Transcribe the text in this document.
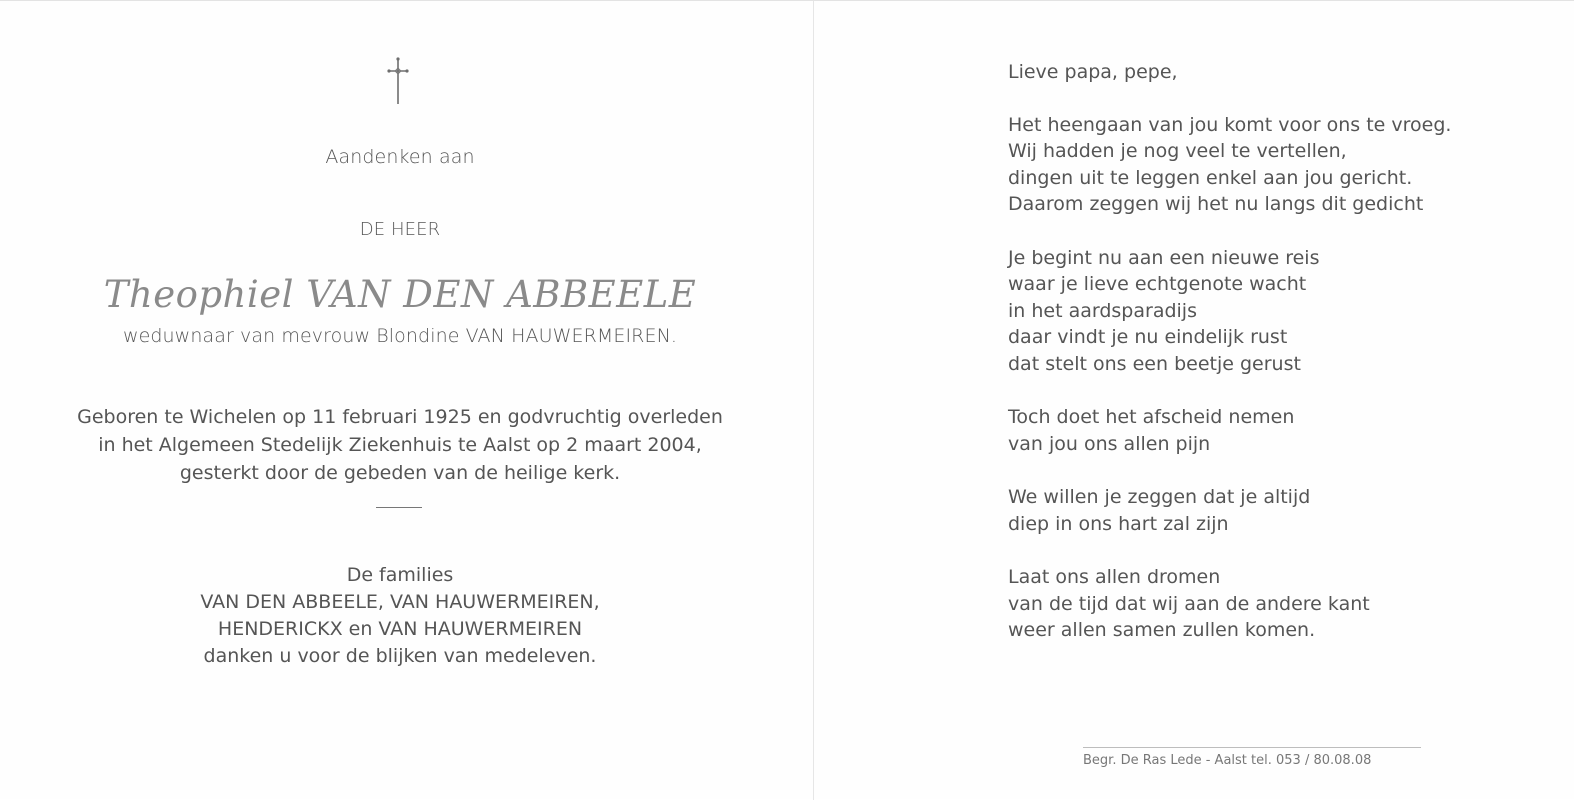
Aandenken aan
DE HEER
Theophiel VAN DEN ABBEELE
weduwnaar van mevrouw Blondine VAN HAUWERMEIREN.
Geboren te Wichelen op 11 februari 1925 en godvruchtig overleden
in het Algemeen Stedelijk Ziekenhuis te Aalst op 2 maart 2004,
gesterkt door de gebeden van de heilige kerk.
De families
VAN DEN ABBEELE, VAN HAUWERMEIREN,
HENDERICKX en VAN HAUWERMEIREN
danken u voor de blijken van medeleven.
Lieve papa, pepe,
Het heengaan van jou komt voor ons te vroeg.
Wij hadden je nog veel te vertellen,
dingen uit te leggen enkel aan jou gericht.
Daarom zeggen wij het nu langs dit gedicht
Je begint nu aan een nieuwe reis
waar je lieve echtgenote wacht
in het aardsparadijs
daar vindt je nu eindelijk rust
dat stelt ons een beetje gerust
Toch doet het afscheid nemen
van jou ons allen pijn
We willen je zeggen dat je altijd
diep in ons hart zal zijn
Laat ons allen dromen
van de tijd dat wij aan de andere kant
weer allen samen zullen komen.
Begr. De Ras Lede - Aalst tel. 053 / 80.08.08
